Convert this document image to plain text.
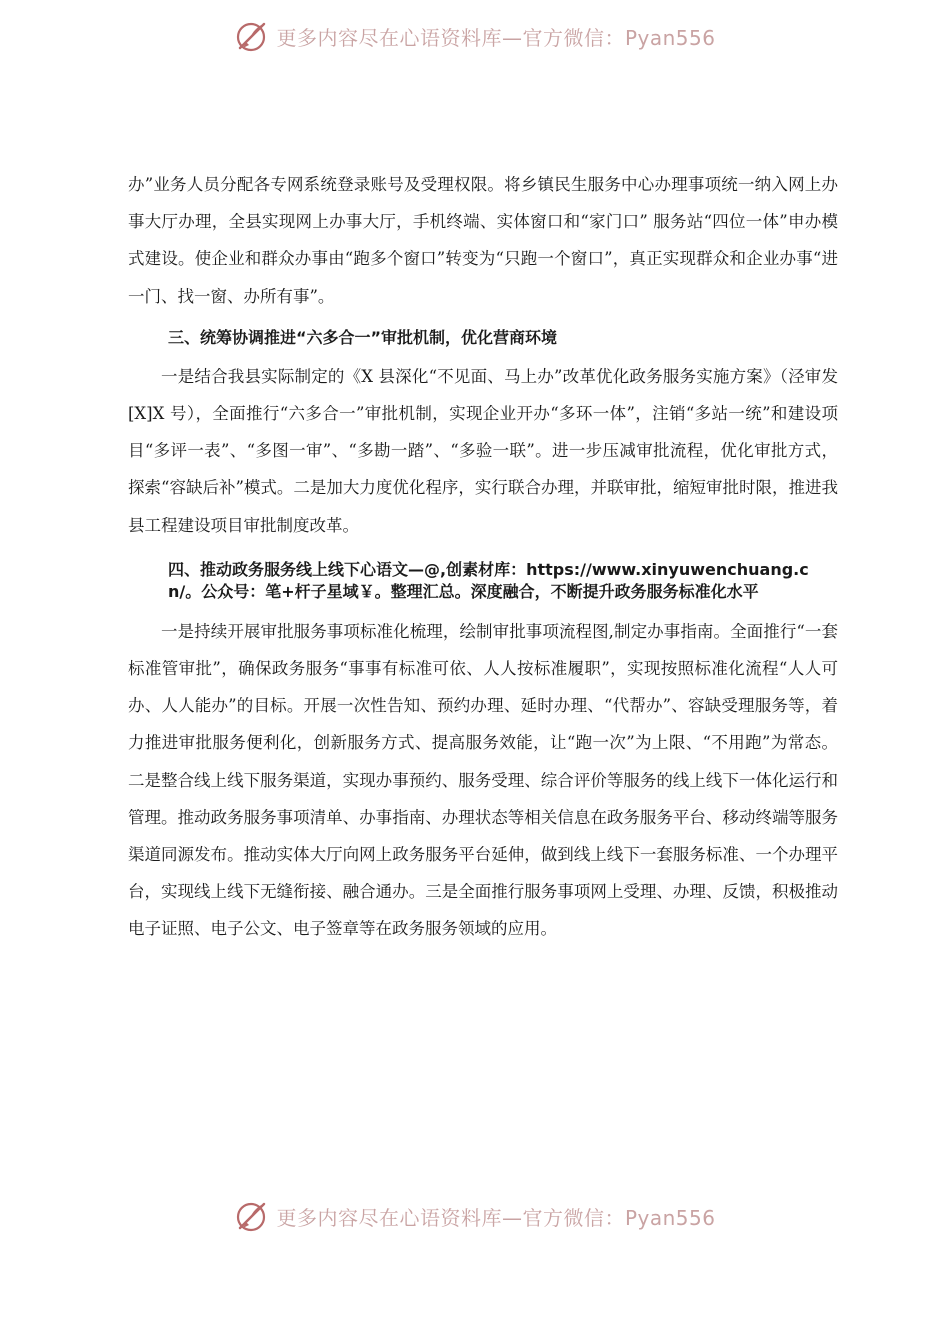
更多内容尽在心语资料库—官方微信：Pyan556

办”业务人员分配各专网系统登录账号及受理权限。将乡镇民生服务中心办理事项统一纳入网上办事大厅办理，全县实现网上办事大厅，手机终端、实体窗口和“家门口” 服务站“四位一体”申办模式建设。使企业和群众办事由“跑多个窗口”转变为“只跑一个窗口”，真正实现群众和企业办事“进一门、找一窗、办所有事”。

三、统筹协调推进“六多合一”审批机制，优化营商环境

一是结合我县实际制定的《X 县深化“不见面、马上办”改革优化政务服务实施方案》（泾审发[X]X 号），全面推行“六多合一”审批机制，实现企业开办“多环一体”，注销“多站一统”和建设项目“多评一表”、“多图一审”、“多勘一踏”、“多验一联”。进一步压减审批流程，优化审批方式，探索“容缺后补”模式。二是加大力度优化程序，实行联合办理，并联审批，缩短审批时限，推进我县工程建设项目审批制度改革。

四、推动政务服务线上线下心语文—@,创素材库：https://www.xinyuwenchuang.cn/。公众号：笔+杆子星域￥。整理汇总。深度融合，不断提升政务服务标准化水平

一是持续开展审批服务事项标准化梳理，绘制审批事项流程图,制定办事指南。全面推行“一套标准管审批”，确保政务服务“事事有标准可依、人人按标准履职”，实现按照标准化流程“人人可办、人人能办”的目标。开展一次性告知、预约办理、延时办理、“代帮办”、容缺受理服务等，着力推进审批服务便利化，创新服务方式、提高服务效能，让“跑一次”为上限、“不用跑”为常态。二是整合线上线下服务渠道，实现办事预约、服务受理、综合评价等服务的线上线下一体化运行和管理。推动政务服务事项清单、办事指南、办理状态等相关信息在政务服务平台、移动终端等服务渠道同源发布。推动实体大厅向网上政务服务平台延伸，做到线上线下一套服务标准、一个办理平台，实现线上线下无缝衔接、融合通办。三是全面推行服务事项网上受理、办理、反馈，积极推动电子证照、电子公文、电子签章等在政务服务领域的应用。

更多内容尽在心语资料库—官方微信：Pyan556
